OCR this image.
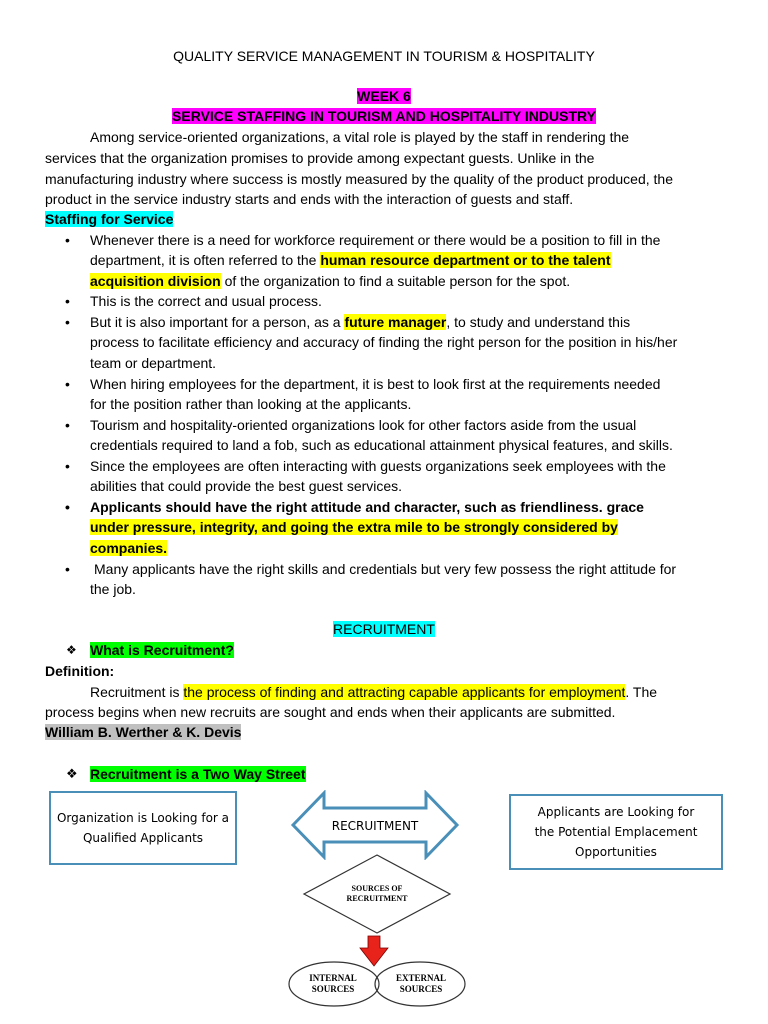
QUALITY SERVICE MANAGEMENT IN TOURISM & HOSPITALITY
WEEK 6
SERVICE STAFFING IN TOURISM AND HOSPITALITY INDUSTRY
Among service-oriented organizations, a vital role is played by the staff in rendering the
services that the organization promises to provide among expectant guests. Unlike in the
manufacturing industry where success is mostly measured by the quality of the product produced, the
product in the service industry starts and ends with the interaction of guests and staff.
Staffing for Service
• Whenever there is a need for workforce requirement or there would be a position to fill in the
department, it is often referred to the human resource department or to the talent
acquisition division of the organization to find a suitable person for the spot.
• This is the correct and usual process.
• But it is also important for a person, as a future manager, to study and understand this
process to facilitate efficiency and accuracy of finding the right person for the position in his/her
team or department.
• When hiring employees for the department, it is best to look first at the requirements needed
for the position rather than looking at the applicants.
• Tourism and hospitality-oriented organizations look for other factors aside from the usual
credentials required to land a fob, such as educational attainment physical features, and skills.
• Since the employees are often interacting with guests organizations seek employees with the
abilities that could provide the best guest services.
• Applicants should have the right attitude and character, such as friendliness. grace
under pressure, integrity, and going the extra mile to be strongly considered by
companies.
• Many applicants have the right skills and credentials but very few possess the right attitude for
the job.
RECRUITMENT
❖ What is Recruitment?
Definition:
Recruitment is the process of finding and attracting capable applicants for employment. The
process begins when new recruits are sought and ends when their applicants are submitted.
William B. Werther & K. Devis
❖ Recruitment is a Two Way Street
Organization is Looking for a
Qualified Applicants
Applicants are Looking for
the Potential Emplacement
Opportunities
RECRUITMENT
SOURCES OF
RECRUITMENT
INTERNAL
SOURCES
EXTERNAL
SOURCES
